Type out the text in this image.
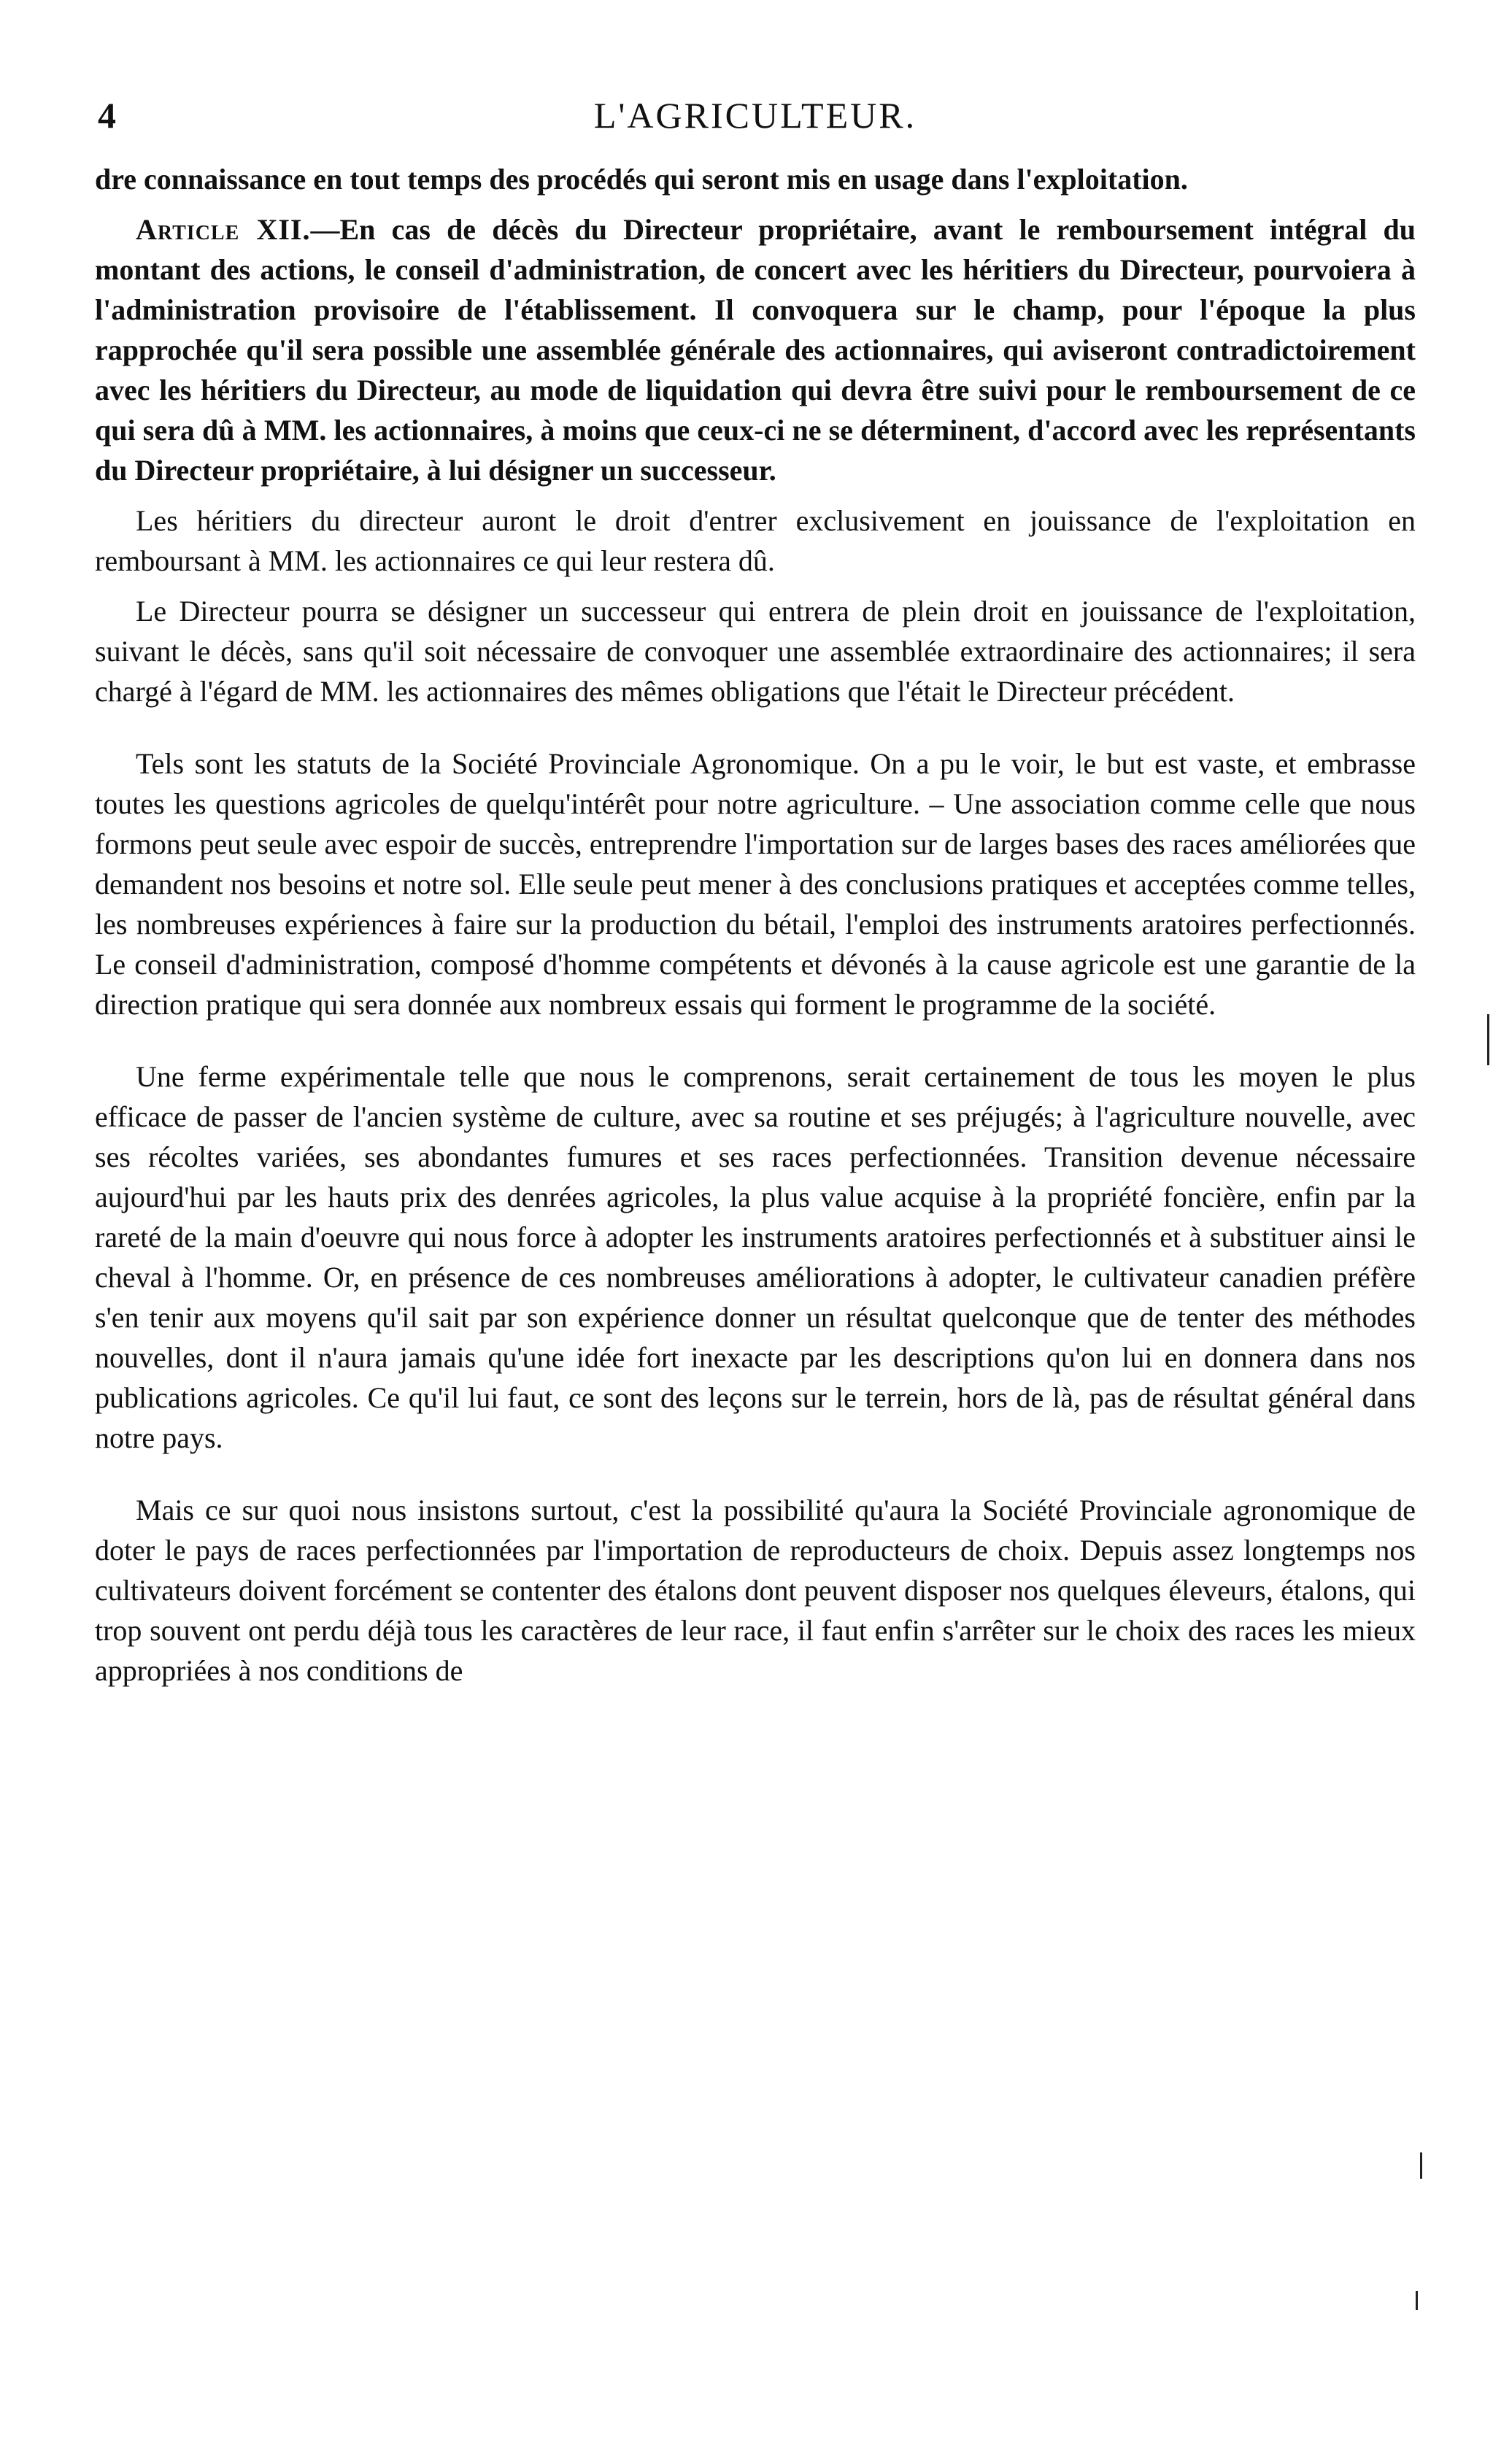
4	L'AGRICULTEUR.

dre connaissance en tout temps des procédés qui seront mis en usage dans l'exploitation.

Article XII.—En cas de décès du Directeur propriétaire, avant le remboursement intégral du montant des actions, le conseil d'administration, de concert avec les héritiers du Directeur, pourvoiera à l'administration provisoire de l'établissement. Il convoquera sur le champ, pour l'époque la plus rapprochée qu'il sera possible une assemblée générale des actionnaires, qui aviseront contradictoirement avec les héritiers du Directeur, au mode de liquidation qui devra être suivi pour le remboursement de ce qui sera dû à MM. les actionnaires, à moins que ceux-ci ne se déterminent, d'accord avec les représentants du Directeur propriétaire, à lui désigner un successeur.

Les héritiers du directeur auront le droit d'entrer exclusivement en jouissance de l'exploitation en remboursant à MM. les actionnaires ce qui leur restera dû.

Le Directeur pourra se désigner un successeur qui entrera de plein droit en jouissance de l'exploitation, suivant le décès, sans qu'il soit nécessaire de convoquer une assemblée extraordinaire des actionnaires; il sera chargé à l'égard de MM. les actionnaires des mêmes obligations que l'était le Directeur précédent.

Tels sont les statuts de la Société Provinciale Agronomique. On a pu le voir, le but est vaste, et embrasse toutes les questions agricoles de quelqu'intérêt pour notre agriculture. – Une association comme celle que nous formons peut seule avec espoir de succès, entreprendre l'importation sur de larges bases des races améliorées que demandent nos besoins et notre sol. Elle seule peut mener à des conclusions pratiques et acceptées comme telles, les nombreuses expériences à faire sur la production du bétail, l'emploi des instruments aratoires perfectionnés. Le conseil d'administration, composé d'homme compétents et dévonés à la cause agricole est une garantie de la direction pratique qui sera donnée aux nombreux essais qui forment le programme de la société.

Une ferme expérimentale telle que nous le comprenons, serait certainement de tous les moyen le plus efficace de passer de l'ancien système de culture, avec sa routine et ses préjugés; à l'agriculture nouvelle, avec ses récoltes variées, ses abondantes fumures et ses races perfectionnées. Transition devenue nécessaire aujourd'hui par les hauts prix des denrées agricoles, la plus value acquise à la propriété foncière, enfin par la rareté de la main d'oeuvre qui nous force à adopter les instruments aratoires perfectionnés et à substituer ainsi le cheval à l'homme. Or, en présence de ces nombreuses améliorations à adopter, le cultivateur canadien préfère s'en tenir aux moyens qu'il sait par son expérience donner un résultat quelconque que de tenter des méthodes nouvelles, dont il n'aura jamais qu'une idée fort inexacte par les descriptions qu'on lui en donnera dans nos publications agricoles. Ce qu'il lui faut, ce sont des leçons sur le terrein, hors de là, pas de résultat général dans notre pays.

Mais ce sur quoi nous insistons surtout, c'est la possibilité qu'aura la Société Provinciale agronomique de doter le pays de races perfectionnées par l'importation de reproducteurs de choix. Depuis assez longtemps nos cultivateurs doivent forcément se contenter des étalons dont peuvent disposer nos quelques éleveurs, étalons, qui trop souvent ont perdu déjà tous les caractères de leur race, il faut enfin s'arrêter sur le choix des races les mieux appropriées à nos conditions de
